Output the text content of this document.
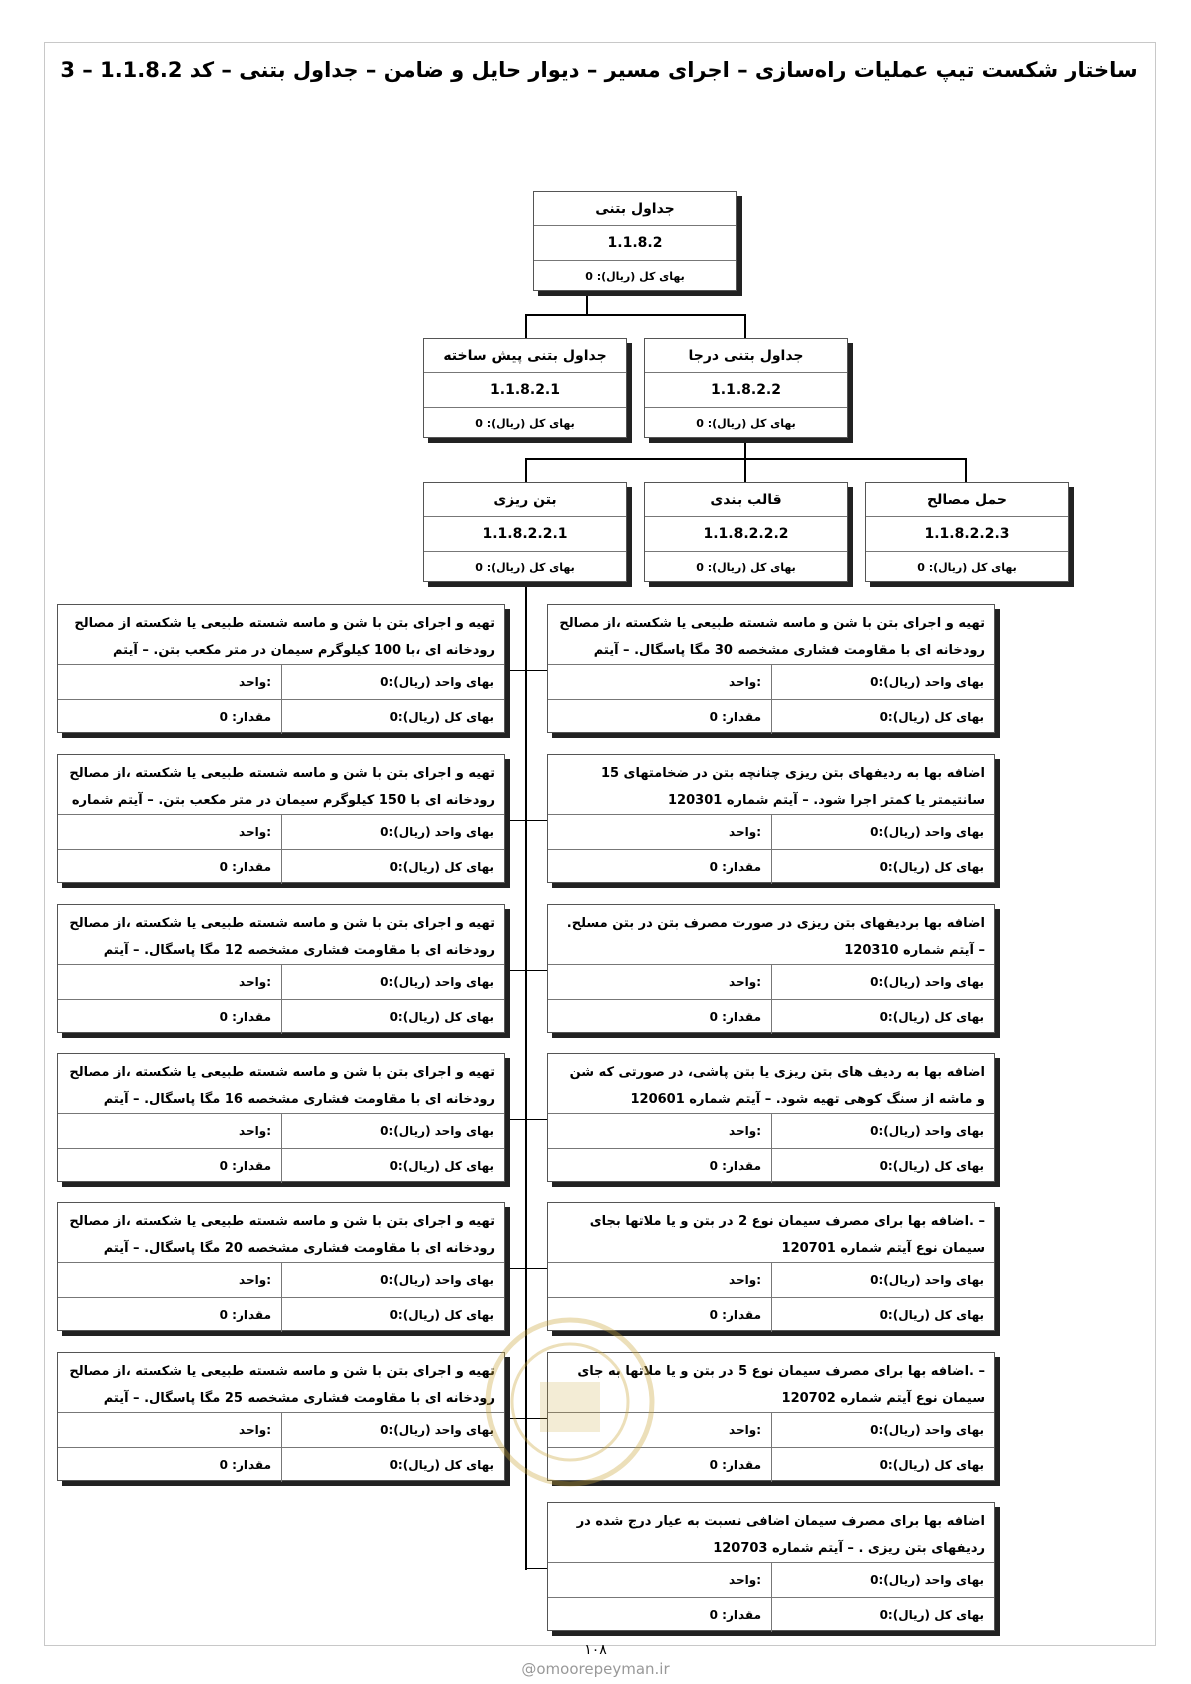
ساختار شکست تیپ عملیات راه‌سازی – اجرای مسیر – دیوار حایل و ضامن – جداول بتنی – کد 1.1.8.2 – 3
جداول بتنی
1.1.8.2
بهای کل (ریال): 0
جداول بتنی پیش ساخته
1.1.8.2.1
بهای کل (ریال): 0
جداول بتنی درجا
1.1.8.2.2
بهای کل (ریال): 0
بتن ریزی
1.1.8.2.2.1
بهای کل (ریال): 0
قالب بندی
1.1.8.2.2.2
بهای کل (ریال): 0
حمل مصالح
1.1.8.2.2.3
بهای کل (ریال): 0
تهیه و اجرای بتن با شن و ماسه شسته طبیعی یا شکسته از مصالح رودخانه ای ،با 100 کیلوگرم سیمان در متر مکعب بتن. – آیتم
بهای واحد (ریال):0
:واحد
بهای کل (ریال):0
مقدار: 0
تهیه و اجرای بتن با شن و ماسه شسته طبیعی یا شکسته ،از مصالح رودخانه ای با 150 کیلوگرم سیمان در متر مکعب بتن. – آیتم شماره
بهای واحد (ریال):0
:واحد
بهای کل (ریال):0
مقدار: 0
تهیه و اجرای بتن با شن و ماسه شسته طبیعی یا شکسته ،از مصالح رودخانه ای با مقاومت فشاری مشخصه 12 مگا پاسگال. – آیتم
بهای واحد (ریال):0
:واحد
بهای کل (ریال):0
مقدار: 0
تهیه و اجرای بتن با شن و ماسه شسته طبیعی یا شکسته ،از مصالح رودخانه ای با مقاومت فشاری مشخصه 16 مگا پاسگال. – آیتم
بهای واحد (ریال):0
:واحد
بهای کل (ریال):0
مقدار: 0
تهیه و اجرای بتن با شن و ماسه شسته طبیعی یا شکسته ،از مصالح رودخانه ای با مقاومت فشاری مشخصه 20 مگا پاسگال. – آیتم
بهای واحد (ریال):0
:واحد
بهای کل (ریال):0
مقدار: 0
تهیه و اجرای بتن با شن و ماسه شسته طبیعی یا شکسته ،از مصالح رودخانه ای با مقاومت فشاری مشخصه 25 مگا پاسگال. – آیتم
بهای واحد (ریال):0
:واحد
بهای کل (ریال):0
مقدار: 0
تهیه و اجرای بتن با شن و ماسه شسته طبیعی یا شکسته ،از مصالح رودخانه ای با مقاومت فشاری مشخصه 30 مگا پاسگال. – آیتم
بهای واحد (ریال):0
:واحد
بهای کل (ریال):0
مقدار: 0
اضافه بها به ردیفهای بتن ریزی چنانچه بتن در ضخامتهای 15 سانتیمتر یا کمتر اجرا شود. – آیتم شماره 120301
بهای واحد (ریال):0
:واحد
بهای کل (ریال):0
مقدار: 0
اضافه بها بردیفهای بتن ریزی در صورت مصرف بتن در بتن مسلح. – آیتم شماره 120310
بهای واحد (ریال):0
:واحد
بهای کل (ریال):0
مقدار: 0
اضافه بها به ردیف های بتن ریزی یا بتن پاشی، در صورتی که شن و ماشه از سنگ کوهی تهیه شود. – آیتم شماره 120601
بهای واحد (ریال):0
:واحد
بهای کل (ریال):0
مقدار: 0
– .اضافه بها برای مصرف سیمان نوع 2 در بتن و یا ملاتها بجای سیمان نوع آیتم شماره 120701
بهای واحد (ریال):0
:واحد
بهای کل (ریال):0
مقدار: 0
– .اضافه بها برای مصرف سیمان نوع 5 در بتن و یا ملاتها به جای سیمان نوع آیتم شماره 120702
بهای واحد (ریال):0
:واحد
بهای کل (ریال):0
مقدار: 0
اضافه بها برای مصرف سیمان اضافی نسبت به عیار درج شده در ردیفهای بتن ریزی . – آیتم شماره 120703
بهای واحد (ریال):0
:واحد
بهای کل (ریال):0
مقدار: 0
۱۰۸
@omoorepeyman.ir
